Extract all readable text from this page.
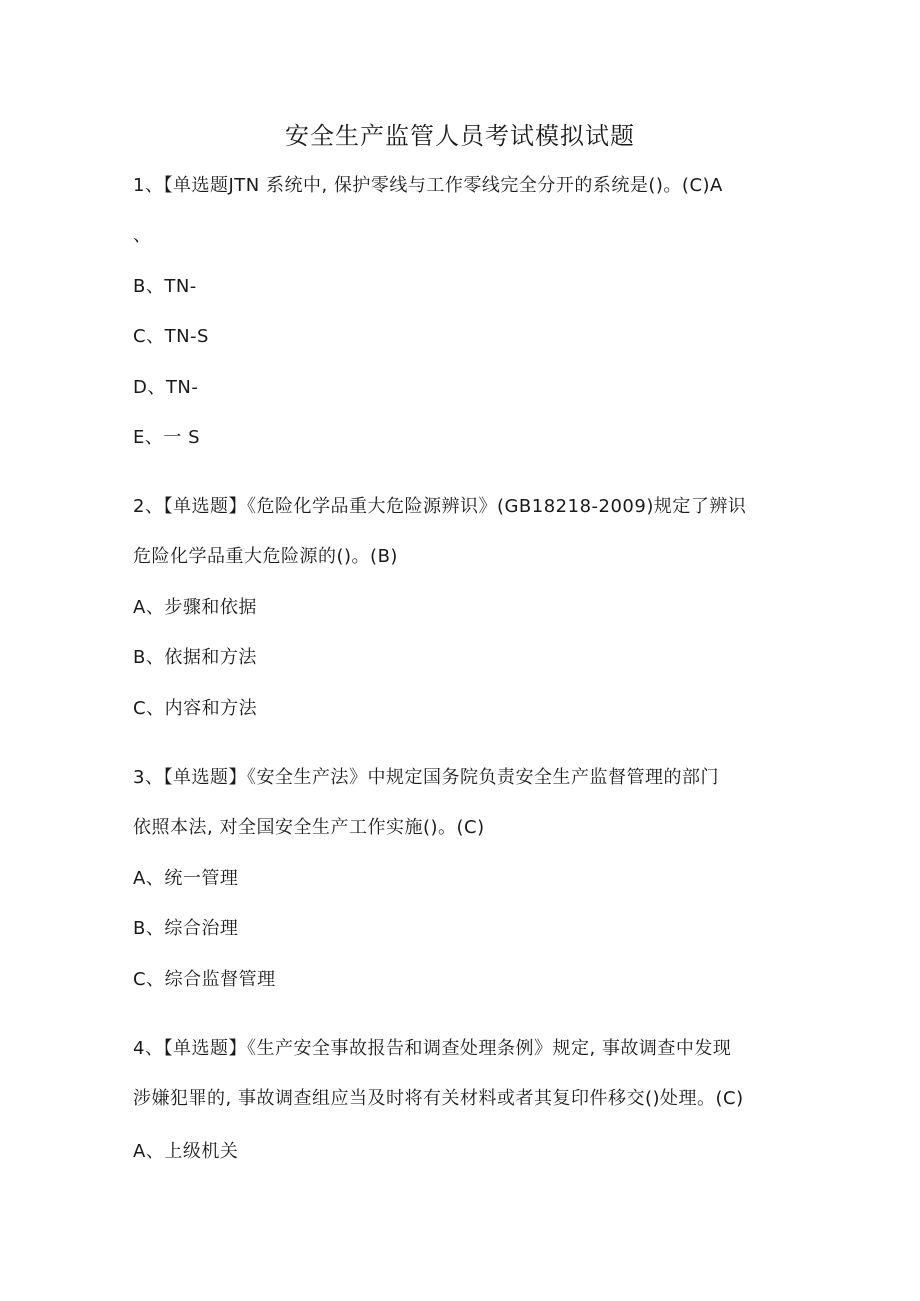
安全生产监管人员考试模拟试题
1、【单选题JTN 系统中, 保护零线与工作零线完全分开的系统是()。(C)A
、
B、TN-
C、TN-S
D、TN-
E、一 S
2、【单选题】《危险化学品重大危险源辨识》(GB18218-2009)规定了辨识
危险化学品重大危险源的()。(B)
A、步骤和依据
B、依据和方法
C、内容和方法
3、【单选题】《安全生产法》中规定国务院负责安全生产监督管理的部门
依照本法, 对全国安全生产工作实施()。(C)
A、统一管理
B、综合治理
C、综合监督管理
4、【单选题】《生产安全事故报告和调查处理条例》规定, 事故调查中发现
涉嫌犯罪的, 事故调查组应当及时将有关材料或者其复印件移交()处理。(C)
A、上级机关
